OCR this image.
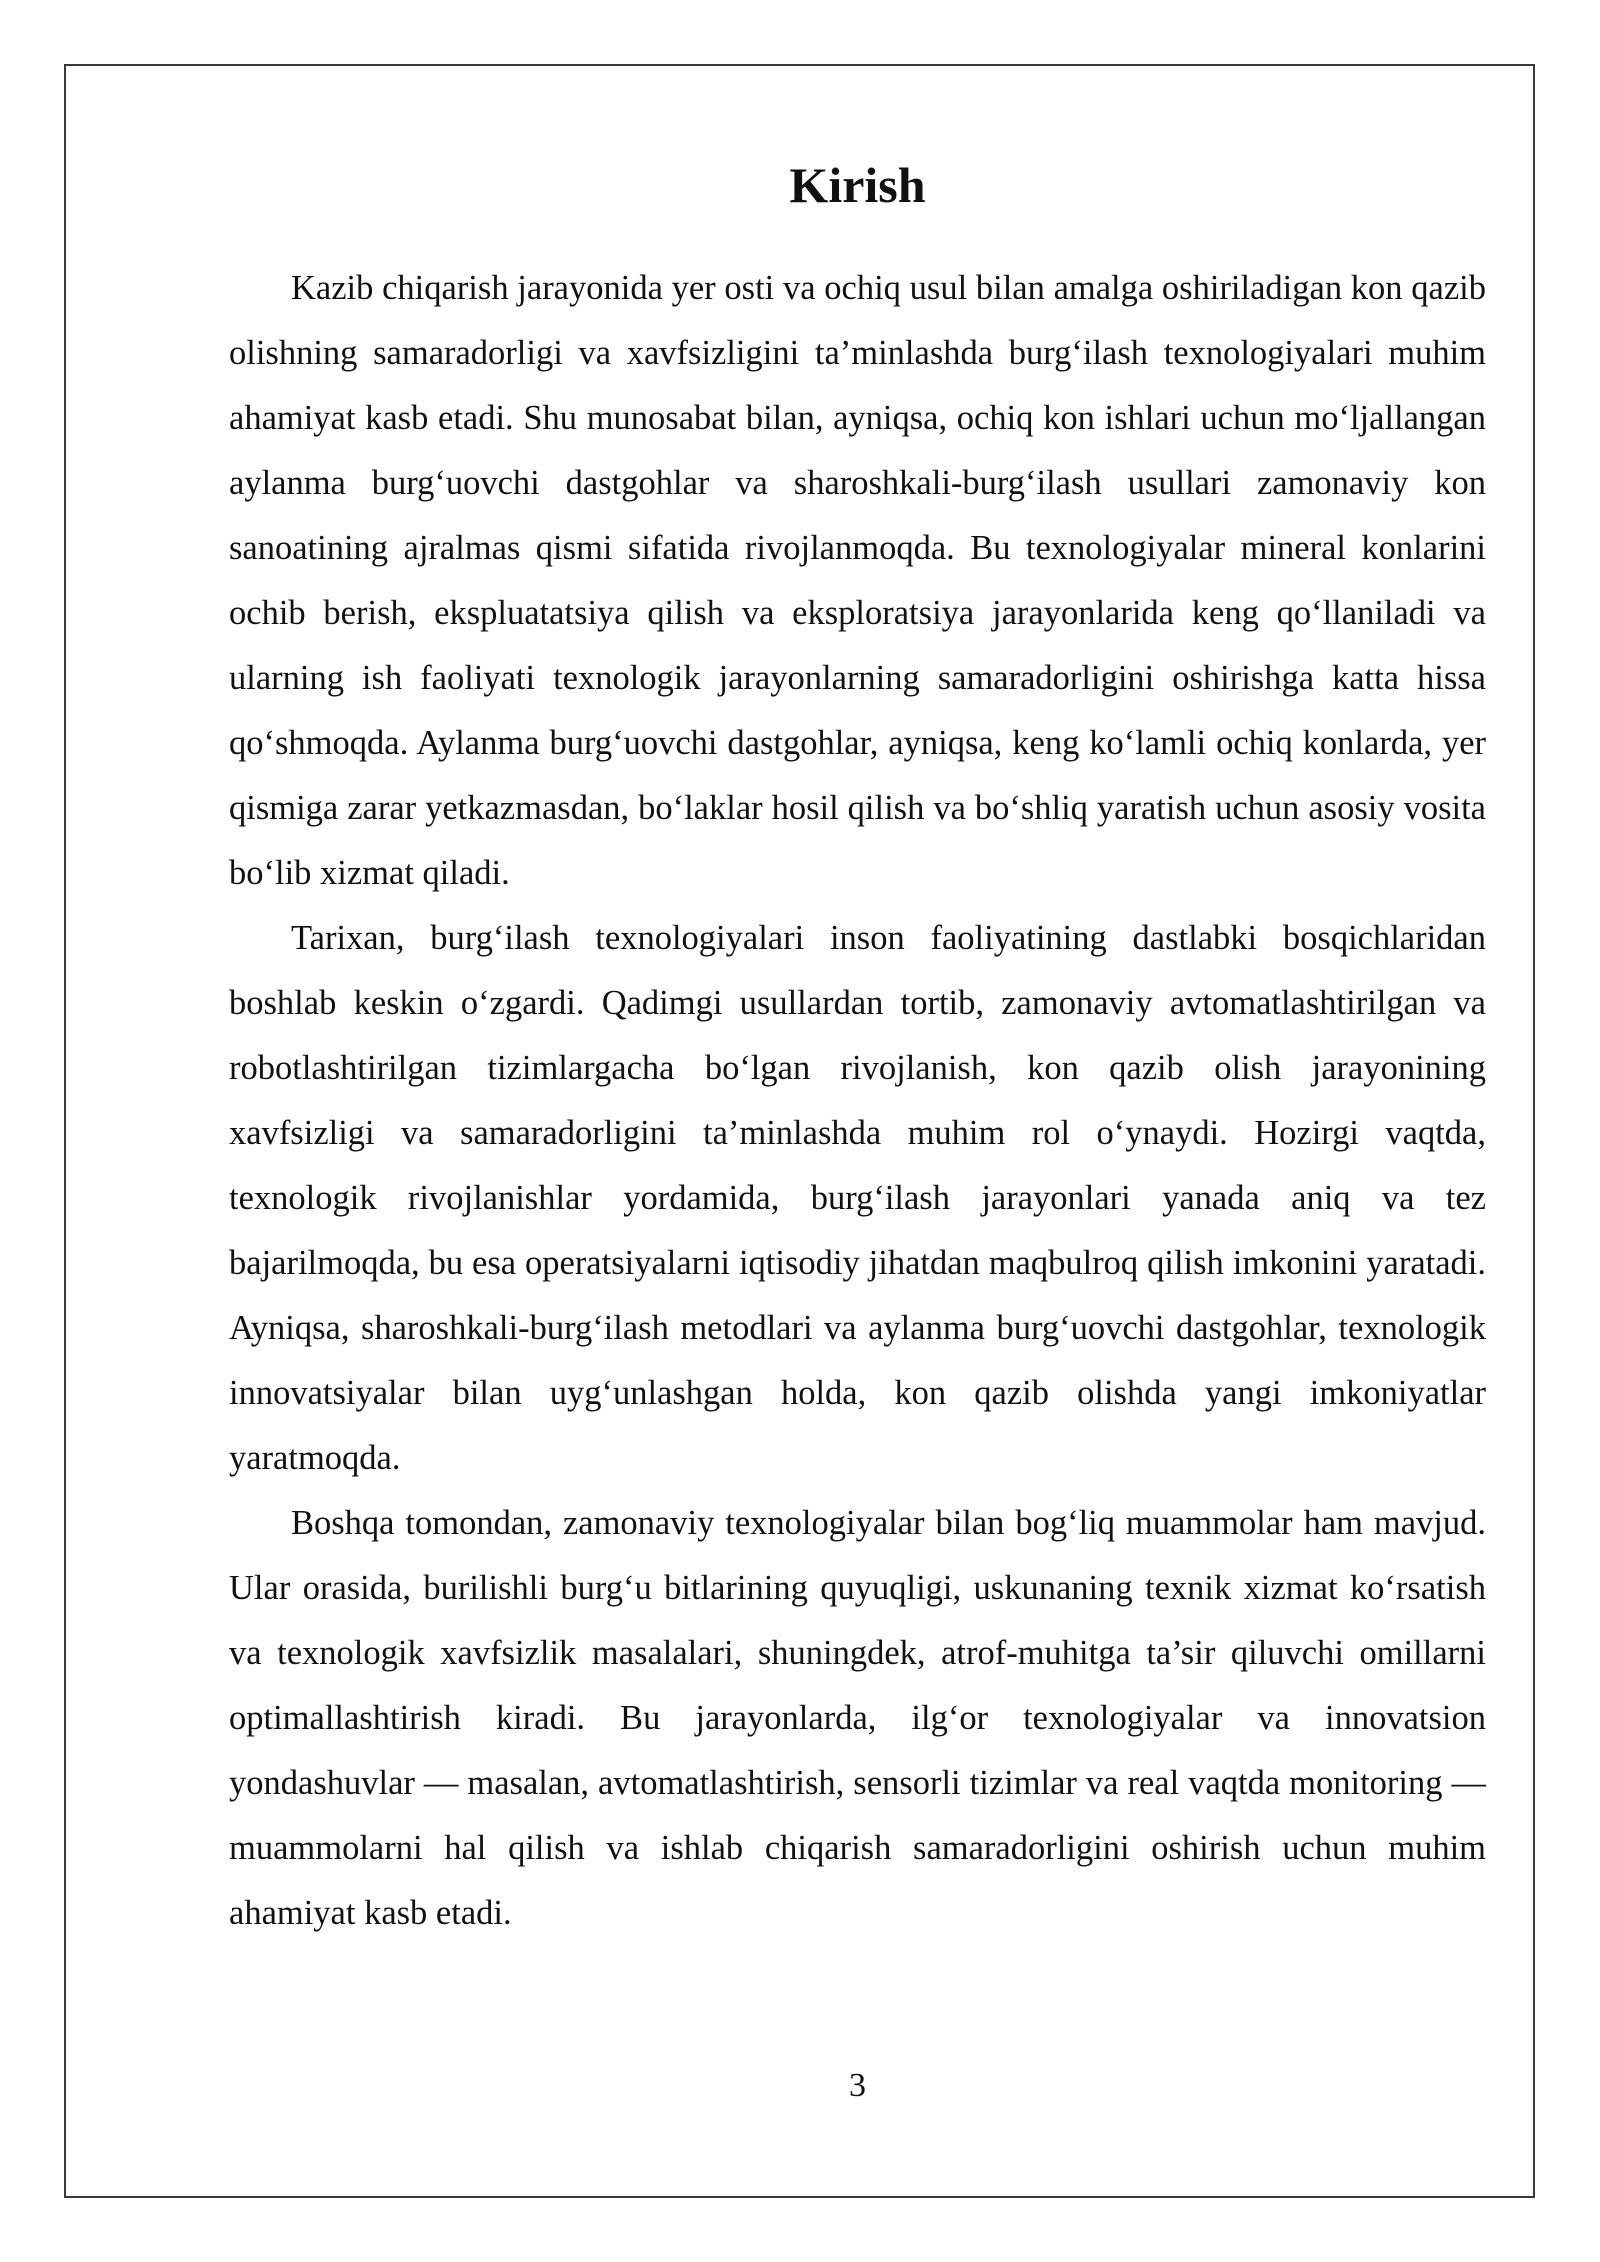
Kirish

Kazib chiqarish jarayonida yer osti va ochiq usul bilan amalga oshiriladigan kon qazib olishning samaradorligi va xavfsizligini ta’minlashda burg‘ilash texnologiyalari muhim ahamiyat kasb etadi. Shu munosabat bilan, ayniqsa, ochiq kon ishlari uchun mo‘ljallangan aylanma burg‘uovchi dastgohlar va sharoshkali-burg‘ilash usullari zamonaviy kon sanoatining ajralmas qismi sifatida rivojlanmoqda. Bu texnologiyalar mineral konlarini ochib berish, ekspluatatsiya qilish va eksploratsiya jarayonlarida keng qo‘llaniladi va ularning ish faoliyati texnologik jarayonlarning samaradorligini oshirishga katta hissa qo‘shmoqda. Aylanma burg‘uovchi dastgohlar, ayniqsa, keng ko‘lamli ochiq konlarda, yer qismiga zarar yetkazmasdan, bo‘laklar hosil qilish va bo‘shliq yaratish uchun asosiy vosita bo‘lib xizmat qiladi.

Tarixan, burg‘ilash texnologiyalari inson faoliyatining dastlabki bosqichlaridan boshlab keskin o‘zgardi. Qadimgi usullardan tortib, zamonaviy avtomatlashtirilgan va robotlashtirilgan tizimlargacha bo‘lgan rivojlanish, kon qazib olish jarayonining xavfsizligi va samaradorligini ta’minlashda muhim rol o‘ynaydi. Hozirgi vaqtda, texnologik rivojlanishlar yordamida, burg‘ilash jarayonlari yanada aniq va tez bajarilmoqda, bu esa operatsiyalarni iqtisodiy jihatdan maqbulroq qilish imkonini yaratadi. Ayniqsa, sharoshkali-burg‘ilash metodlari va aylanma burg‘uovchi dastgohlar, texnologik innovatsiyalar bilan uyg‘unlashgan holda, kon qazib olishda yangi imkoniyatlar yaratmoqda.

Boshqa tomondan, zamonaviy texnologiyalar bilan bog‘liq muammolar ham mavjud. Ular orasida, burilishli burg‘u bitlarining quyuqligi, uskunaning texnik xizmat ko‘rsatish va texnologik xavfsizlik masalalari, shuningdek, atrof-muhitga ta’sir qiluvchi omillarni optimallashtirish kiradi. Bu jarayonlarda, ilg‘or texnologiyalar va innovatsion yondashuvlar — masalan, avtomatlashtirish, sensorli tizimlar va real vaqtda monitoring — muammolarni hal qilish va ishlab chiqarish samaradorligini oshirish uchun muhim ahamiyat kasb etadi.

3
